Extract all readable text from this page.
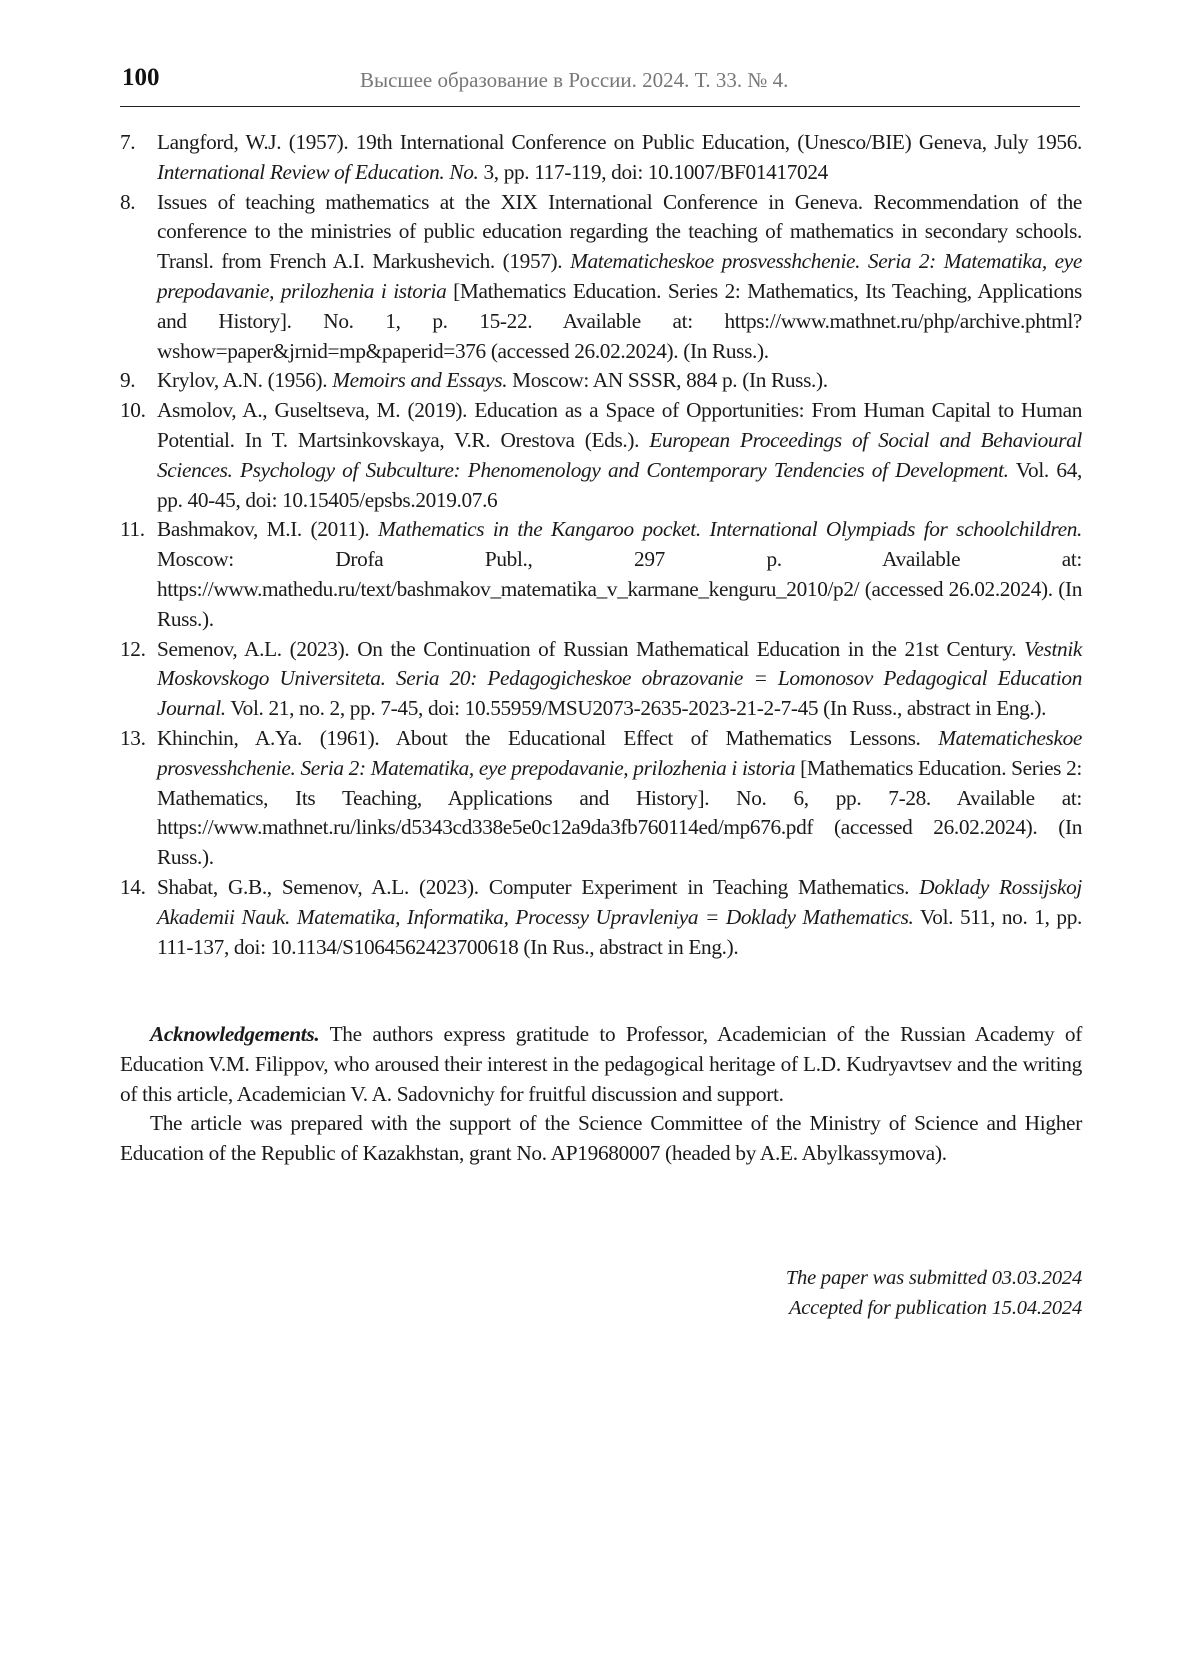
100	Высшее образование в России. 2024. Т. 33. № 4.
7. Langford, W.J. (1957). 19th International Conference on Public Education, (Unesco/BIE) Geneva, July 1956. International Review of Education. No. 3, pp. 117-119, doi: 10.1007/BF01417024
8. Issues of teaching mathematics at the XIX International Conference in Geneva. Recommendation of the conference to the ministries of public education regarding the teaching of mathematics in secondary schools. Transl. from French A.I. Markushevich. (1957). Matematicheskoe prosvesshchenie. Seria 2: Matematika, eye prepodavanie, prilozhenia i istoria [Mathematics Education. Series 2: Mathematics, Its Teaching, Applications and History]. No. 1, p. 15-22. Available at: https://www.mathnet.ru/php/archive.phtml?wshow=paper&jrnid=mp&paperid=376 (accessed 26.02.2024). (In Russ.).
9. Krylov, A.N. (1956). Memoirs and Essays. Moscow: AN SSSR, 884 p. (In Russ.).
10. Asmolov, A., Guseltseva, M. (2019). Education as a Space of Opportunities: From Human Capital to Human Potential. In T. Martsinkovskaya, V.R. Orestova (Eds.). European Proceedings of Social and Behavioural Sciences. Psychology of Subculture: Phenomenology and Contemporary Tendencies of Development. Vol. 64, pp. 40-45, doi: 10.15405/epsbs.2019.07.6
11. Bashmakov, M.I. (2011). Mathematics in the Kangaroo pocket. International Olympiads for schoolchildren. Moscow: Drofa Publ., 297 p. Available at: https://www.mathedu.ru/text/bashmakov_matematika_v_karmane_kenguru_2010/p2/ (accessed 26.02.2024). (In Russ.).
12. Semenov, A.L. (2023). On the Continuation of Russian Mathematical Education in the 21st Century. Vestnik Moskovskogo Universiteta. Seria 20: Pedagogicheskoe obrazovanie = Lomonosov Pedagogical Education Journal. Vol. 21, no. 2, pp. 7-45, doi: 10.55959/MSU2073-2635-2023-21-2-7-45 (In Russ., abstract in Eng.).
13. Khinchin, A.Ya. (1961). About the Educational Effect of Mathematics Lessons. Matematicheskoe prosvesshchenie. Seria 2: Matematika, eye prepodavanie, prilozhenia i istoria [Mathematics Education. Series 2: Mathematics, Its Teaching, Applications and History]. No. 6, pp. 7-28. Available at: https://www.mathnet.ru/links/d5343cd338e5e0c12a9da3fb760114ed/mp676.pdf (accessed 26.02.2024). (In Russ.).
14. Shabat, G.B., Semenov, A.L. (2023). Computer Experiment in Teaching Mathematics. Doklady Rossijskoj Akademii Nauk. Matematika, Informatika, Processy Upravleniya = Doklady Mathematics. Vol. 511, no. 1, pp. 111-137, doi: 10.1134/S1064562423700618 (In Rus., abstract in Eng.).

Acknowledgements. The authors express gratitude to Professor, Academician of the Russian Academy of Education V.M. Filippov, who aroused their interest in the pedagogical heritage of L.D. Kudryavtsev and the writing of this article, Academician V. A. Sadovnichy for fruitful discussion and support.

The article was prepared with the support of the Science Committee of the Ministry of Science and Higher Education of the Republic of Kazakhstan, grant No. AP19680007 (headed by A.E. Abylkassymova).

The paper was submitted 03.03.2024
Accepted for publication 15.04.2024
